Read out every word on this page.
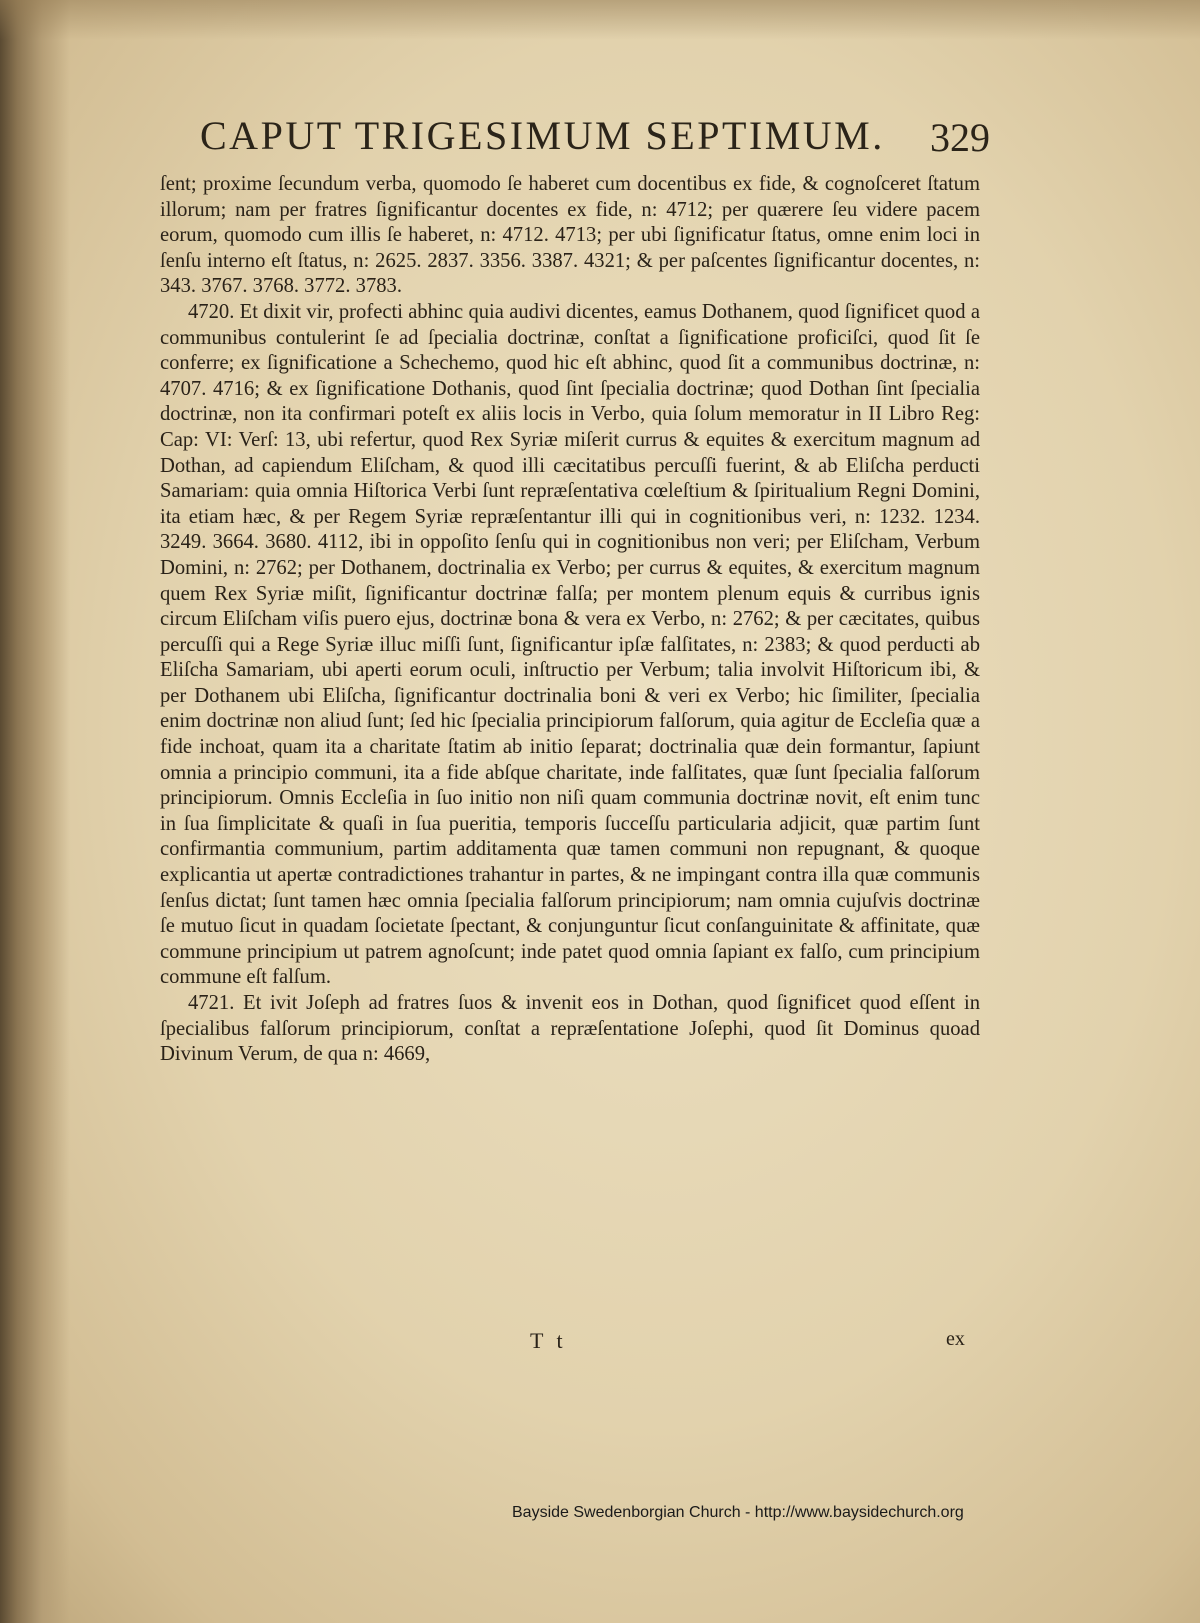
CAPUT TRIGESIMUM SEPTIMUM. 329

ſent; proxime ſecundum verba, quomodo ſe haberet cum docentibus ex fide, & cognoſceret ſtatum illorum; nam per fratres ſignificantur docentes ex fide, n: 4712; per quærere ſeu videre pacem eorum, quomodo cum illis ſe haberet, n: 4712. 4713; per ubi ſignificatur ſtatus, omne enim loci in ſenſu interno eſt ſtatus, n: 2625. 2837. 3356. 3387. 4321; & per paſcentes ſignificantur docentes, n: 343. 3767. 3768. 3772. 3783.

4720. Et dixit vir, profecti abhinc quia audivi dicentes, eamus Dothanem, quod ſignificet quod a communibus contulerint ſe ad ſpecialia doctrinæ, conſtat a ſignificatione proficiſci, quod ſit ſe conferre; ex ſignificatione a Schechemo, quod hic eſt abhinc, quod ſit a communibus doctrinæ, n: 4707. 4716; & ex ſignificatione Dothanis, quod ſint ſpecialia doctrinæ; quod Dothan ſint ſpecialia doctrinæ, non ita confirmari poteſt ex aliis locis in Verbo, quia ſolum memoratur in II Libro Reg: Cap: VI: Verſ: 13, ubi refertur, quod Rex Syriæ miſerit currus & equites & exercitum magnum ad Dothan, ad capiendum Eliſcham, & quod illi cæcitatibus percuſſi fuerint, & ab Eliſcha perducti Samariam: quia omnia Hiſtorica Verbi ſunt repræſentativa cœleſtium & ſpiritualium Regni Domini, ita etiam hæc, & per Regem Syriæ repræſentantur illi qui in cognitionibus veri, n: 1232. 1234. 3249. 3664. 3680. 4112, ibi in oppoſito ſenſu qui in cognitionibus non veri; per Eliſcham, Verbum Domini, n: 2762; per Dothanem, doctrinalia ex Verbo; per currus & equites, & exercitum magnum quem Rex Syriæ miſit, ſignificantur doctrinæ falſa; per montem plenum equis & curribus ignis circum Eliſcham viſis puero ejus, doctrinæ bona & vera ex Verbo, n: 2762; & per cæcitates, quibus percuſſi qui a Rege Syriæ illuc miſſi ſunt, ſignificantur ipſæ falſitates, n: 2383; & quod perducti ab Eliſcha Samariam, ubi aperti eorum oculi, inſtructio per Verbum; talia involvit Hiſtoricum ibi, & per Dothanem ubi Eliſcha, ſignificantur doctrinalia boni & veri ex Verbo; hic ſimiliter, ſpecialia enim doctrinæ non aliud ſunt; ſed hic ſpecialia principiorum falſorum, quia agitur de Eccleſia quæ a fide inchoat, quam ita a charitate ſtatim ab initio ſeparat; doctrinalia quæ dein formantur, ſapiunt omnia a principio communi, ita a fide abſque charitate, inde falſitates, quæ ſunt ſpecialia falſorum principiorum. Omnis Eccleſia in ſuo initio non niſi quam communia doctrinæ novit, eſt enim tunc in ſua ſimplicitate & quaſi in ſua pueritia, temporis ſucceſſu particularia adjicit, quæ partim ſunt confirmantia communium, partim additamenta quæ tamen communi non repugnant, & quoque explicantia ut apertæ contradictiones trahantur in partes, & ne impingant contra illa quæ communis ſenſus dictat; ſunt tamen hæc omnia ſpecialia falſorum principiorum; nam omnia cujuſvis doctrinæ ſe mutuo ſicut in quadam ſocietate ſpectant, & conjunguntur ſicut conſanguinitate & affinitate, quæ commune principium ut patrem agnoſcunt; inde patet quod omnia ſapiant ex falſo, cum principium commune eſt falſum.

4721. Et ivit Joſeph ad fratres ſuos & invenit eos in Dothan, quod ſignificet quod eſſent in ſpecialibus falſorum principiorum, conſtat a repræſentatione Joſephi, quod ſit Dominus quoad Divinum Verum, de qua n: 4669,

T t	ex
Bayside Swedenborgian Church - http://www.baysidechurch.org
